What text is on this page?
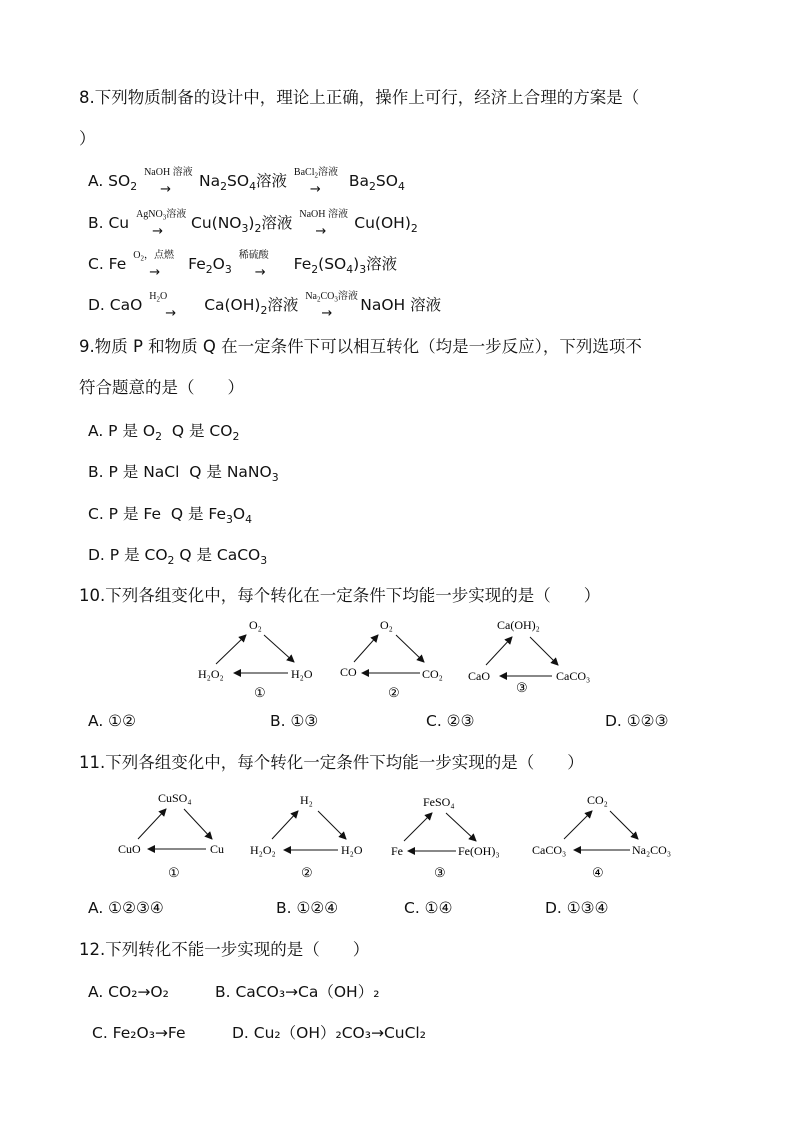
8.下列物质制备的设计中，理论上正确，操作上可行，经济上合理的方案是（
）
A. $SO_2$
NaOH 溶液
→ $Na_2SO_4$溶液 BaCl$_2$溶液
→ $Ba_2SO_4$
B. Cu AgNO$_3$溶液
→ $Cu(NO_3)_2$溶液 NaOH 溶液
→ $Cu(OH)_2$
C. Fe $O_2$，点燃
→ $Fe_2O_3$
稀硫酸
→ $Fe_2(SO_4)_3$溶液
D. CaO $H_2O$
→ $Ca(OH)_2$溶液 $Na_2CO_3$溶液
→ NaOH 溶液
9.物质 P 和物质 Q 在一定条件下可以相互转化（均是一步反应），下列选项不
符合题意的是（　　）
A. P 是 $O_2$ Q 是 $CO_2$
B. P 是 NaCl Q 是 NaNO$_3$
C. P 是 Fe Q 是 $Fe_3O_4$
D. P 是 $CO_2$ Q 是 CaCO$_3$
10.下列各组变化中，每个转化在一定条件下均能一步实现的是（　　）
O₂
H₂O₂	H₂O
①
O₂
CO	CO₂
②
Ca(OH)₂
CaO	CaCO₃
③
A. ①②	B. ①③	C. ②③	D. ①②③
11.下列各组变化中，每个转化一定条件下均能一步实现的是（　　）
CuSO₄
CuO	Cu
①
H₂
H₂O₂	H₂O
②
FeSO₄
Fe	Fe(OH)₃
③
CO₂
CaCO₃	Na₂CO₃
④
A. ①②③④	B. ①②④	C. ①④	D. ①③④
12.下列转化不能一步实现的是（　　）
A. CO₂→O₂	B. CaCO₃→Ca（OH）₂
C. Fe₂O₃→Fe	D. Cu₂（OH）₂CO₃→CuCl₂
